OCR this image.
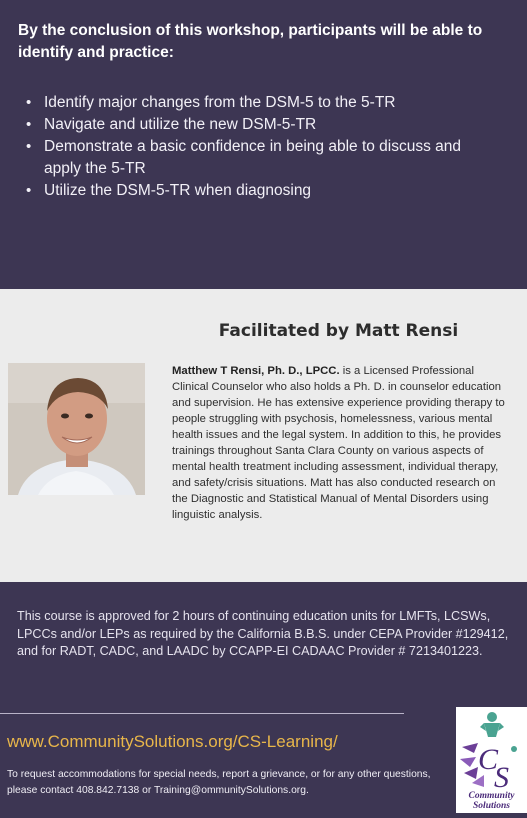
By the conclusion of this workshop, participants will be able to identify and practice:

• Identify major changes from the DSM-5 to the 5-TR
• Navigate and utilize the new DSM-5-TR
• Demonstrate a basic confidence in being able to discuss and apply the 5-TR
• Utilize the DSM-5-TR when diagnosing
Facilitated by Matt Rensi

Matthew T Rensi, Ph. D., LPCC. is a Licensed Professional Clinical Counselor who also holds a Ph. D. in counselor education and supervision. He has extensive experience providing therapy to people struggling with psychosis, homelessness, various mental health issues and the legal system. In addition to this, he provides trainings throughout Santa Clara County on various aspects of mental health treatment including assessment, individual therapy, and safety/crisis situations. Matt has also conducted research on the Diagnostic and Statistical Manual of Mental Disorders using linguistic analysis.

This course is approved for 2 hours of continuing education units for LMFTs, LCSWs, LPCCs and/or LEPs as required by the California B.B.S. under CEPA Provider #129412, and for RADT, CADC, and LAADC by CCAPP-EI CADAAC Provider # 7213401223.

www.CommunitySolutions.org/CS-Learning/

To request accommodations for special needs, report a grievance, or for any other questions, please contact 408.842.7138 or Training@ommunitySolutions.org.

C
S
Community Solutions
